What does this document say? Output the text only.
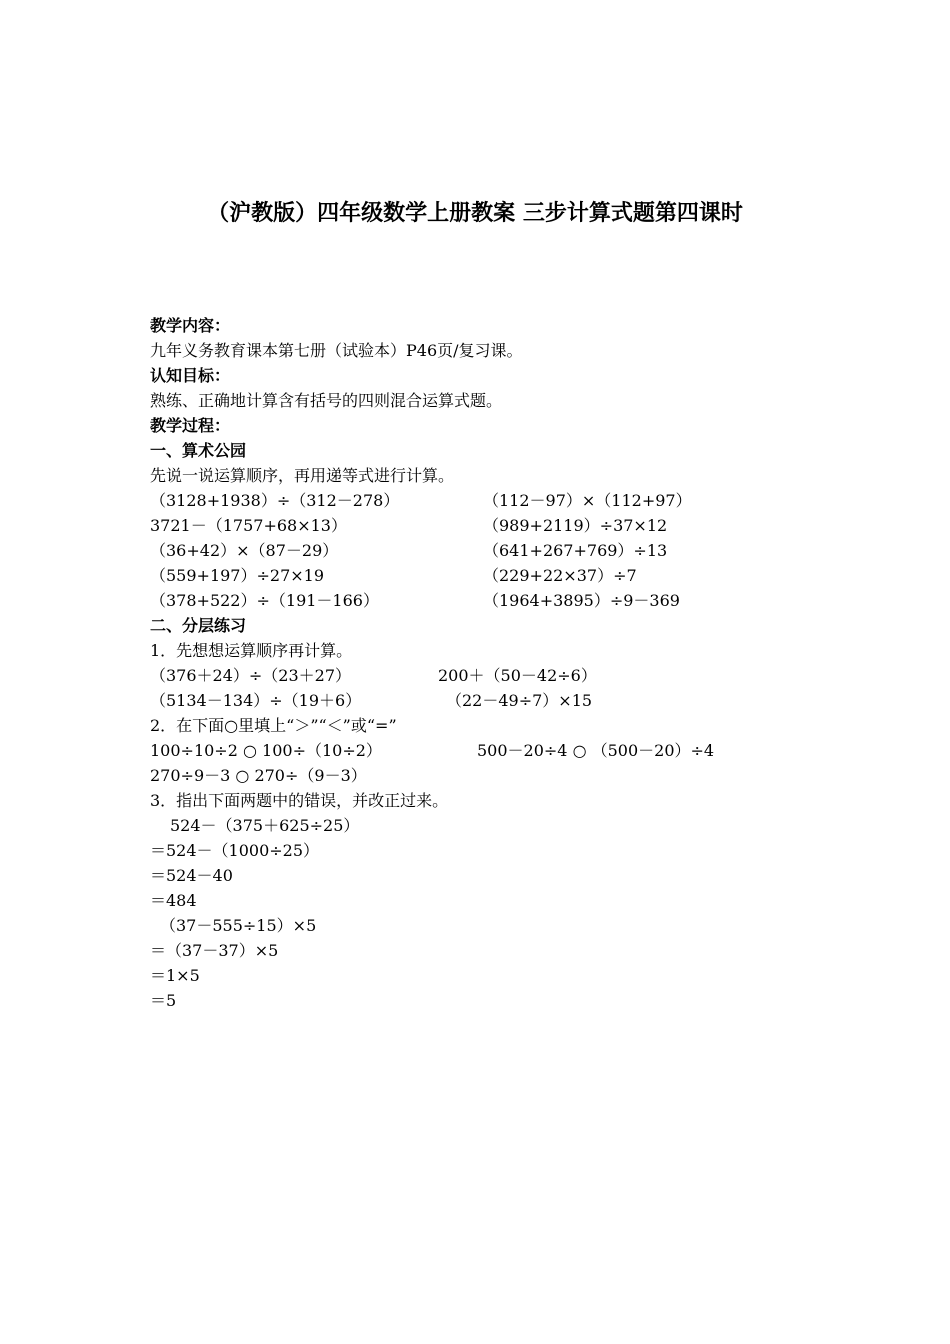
（沪教版）四年级数学上册教案 三步计算式题第四课时
教学内容：
九年义务教育课本第七册（试验本）P46页/复习课。
认知目标：
熟练、正确地计算含有括号的四则混合运算式题。
教学过程：
一、算术公园
先说一说运算顺序，再用递等式进行计算。
（3128+1938）÷（312－278）	（112－97）×（112+97）
3721－（1757+68×13）	（989+2119）÷37×12
（36+42）×（87－29）	（641+267+769）÷13
（559+197）÷27×19	（229+22×37）÷7
（378+522）÷（191－166）	（1964+3895）÷9－369
二、分层练习
1．先想想运算顺序再计算。
（376＋24）÷（23＋27）	200＋（50－42÷6）
（5134－134）÷（19＋6）	（22－49÷7）×15
2．在下面○里填上“＞”“＜”或“=”
100÷10÷2 ○ 100÷（10÷2）	500－20÷4 ○ （500－20）÷4
270÷9－3 ○ 270÷（9－3）
3．指出下面两题中的错误，并改正过来。
524－（375＋625÷25）
＝524－（1000÷25）
＝524－40
＝484
（37－555÷15）×5
＝（37－37）×5
＝1×5
＝5
